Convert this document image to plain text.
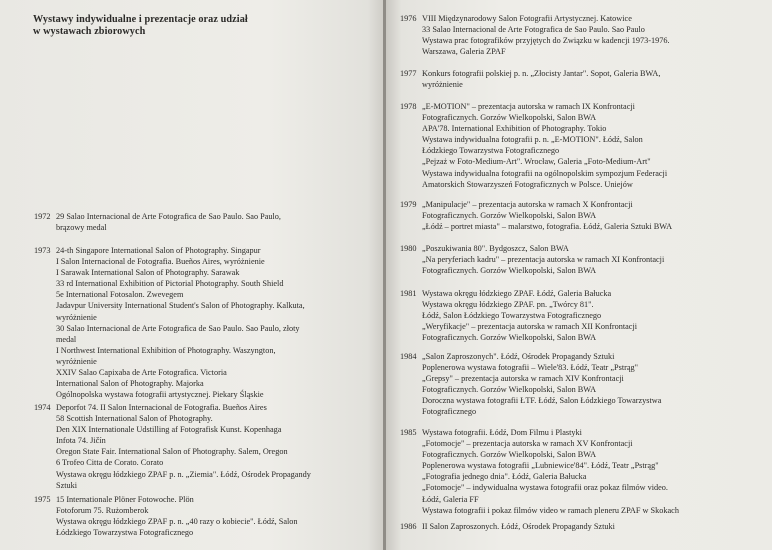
Wystawy indywidualne i prezentacje oraz udział
w wystawach zbiorowych
1972 29 Salao Internacional de Arte Fotografica de Sao Paulo. Sao Paulo,
brązowy medal
1973 24-th Singapore International Salon of Photography. Singapur
I Salon Internacional de Fotografia. Bueños Aires, wyróżnienie
I Sarawak International Salon of Photography. Sarawak
33 rd International Exhibition of Pictorial Photography. South Shield
5e International Fotosalon. Zwevegem
Jadavpur University International Student's Salon of Photography. Kalkuta,
wyróżnienie
30 Salao Internacional de Arte Fotografica de Sao Paulo. Sao Paulo, złoty
medal
I Northwest International Exhibition of Photography. Waszyngton,
wyróżnienie
XXIV Salao Capixaba de Arte Fotografica. Victoria
International Salon of Photography. Majorka
Ogólnopolska wystawa fotografii artystycznej. Piekary Śląskie
1974 Deporfot 74. II Salon Internacional de Fotografia. Bueños Aires
58 Scottish International Salon of Photography.
Den XIX Internationale Udstilling af Fotografisk Kunst. Kopenhaga
Infota 74. Jičín
Oregon State Fair. International Salon of Photography. Salem, Oregon
6 Trofeo Citta de Corato. Corato
Wystawa okręgu łódzkiego ZPAF p. n. „Ziemia". Łódź, Ośrodek Propagandy
Sztuki
1975 15 Internationale Plöner Fotowoche. Plön
Fotoforum 75. Rużomberok
Wystawa okręgu łódzkiego ZPAF p. n. „40 razy o kobiecie". Łódź, Salon
Łódzkiego Towarzystwa Fotograficznego
1976 VIII Międzynarodowy Salon Fotografii Artystycznej. Katowice
33 Salao Internacional de Arte Fotografica de Sao Paulo. Sao Paulo
Wystawa prac fotografików przyjętych do Związku w kadencji 1973-1976.
Warszawa, Galeria ZPAF
1977 Konkurs fotografii polskiej p. n. „Złocisty Jantar". Sopot, Galeria BWA,
wyróżnienie
1978 „E-MOTION" – prezentacja autorska w ramach IX Konfrontacji
Fotograficznych. Gorzów Wielkopolski, Salon BWA
APA'78. International Exhibition of Photography. Tokio
Wystawa indywidualna fotografii p. n. „E-MOTION". Łódź, Salon
Łódzkiego Towarzystwa Fotograficznego
„Pejzaż w Foto-Medium-Art". Wrocław, Galeria „Foto-Medium-Art"
Wystawa indywidualna fotografii na ogólnopolskim sympozjum Federacji
Amatorskich Stowarzyszeń Fotograficznych w Polsce. Uniejów
1979 „Manipulacje" – prezentacja autorska w ramach X Konfrontacji
Fotograficznych. Gorzów Wielkopolski, Salon BWA
„Łódź – portret miasta" – malarstwo, fotografia. Łódź, Galeria Sztuki BWA
1980 „Poszukiwania 80". Bydgoszcz, Salon BWA
„Na peryferiach kadru" – prezentacja autorska w ramach XI Konfrontacji
Fotograficznych. Gorzów Wielkopolski, Salon BWA
1981 Wystawa okręgu łódzkiego ZPAF. Łódź, Galeria Bałucka
Wystawa okręgu łódzkiego ZPAF. pn. „Twórcy 81".
Łódź, Salon Łódzkiego Towarzystwa Fotograficznego
„Weryfikacje" – prezentacja autorska w ramach XII Konfrontacji
Fotograficznych. Gorzów Wielkopolski, Salon BWA
1984 „Salon Zaproszonych". Łódź, Ośrodek Propagandy Sztuki
Poplenerowa wystawa fotografii – Wiele'83. Łódź, Teatr „Pstrąg"
„Grepsy" – prezentacja autorska w ramach XIV Konfrontacji
Fotograficznych. Gorzów Wielkopolski, Salon BWA
Doroczna wystawa fotografii ŁTF. Łódź, Salon Łódzkiego Towarzystwa
Fotograficznego
1985 Wystawa fotografii. Łódź, Dom Filmu i Plastyki
„Fotomocje" – prezentacja autorska w ramach XV Konfrontacji
Fotograficznych. Gorzów Wielkopolski, Salon BWA
Poplenerowa wystawa fotografii „Lubniewice'84". Łódź, Teatr „Pstrąg"
„Fotografia jednego dnia". Łódź, Galeria Bałucka
„Fotomocje" – indywidualna wystawa fotografii oraz pokaz filmów video.
Łódź, Galeria FF
Wystawa fotografii i pokaz filmów video w ramach pleneru ZPAF w Skokach
1986 II Salon Zaproszonych. Łódź, Ośrodek Propagandy Sztuki
